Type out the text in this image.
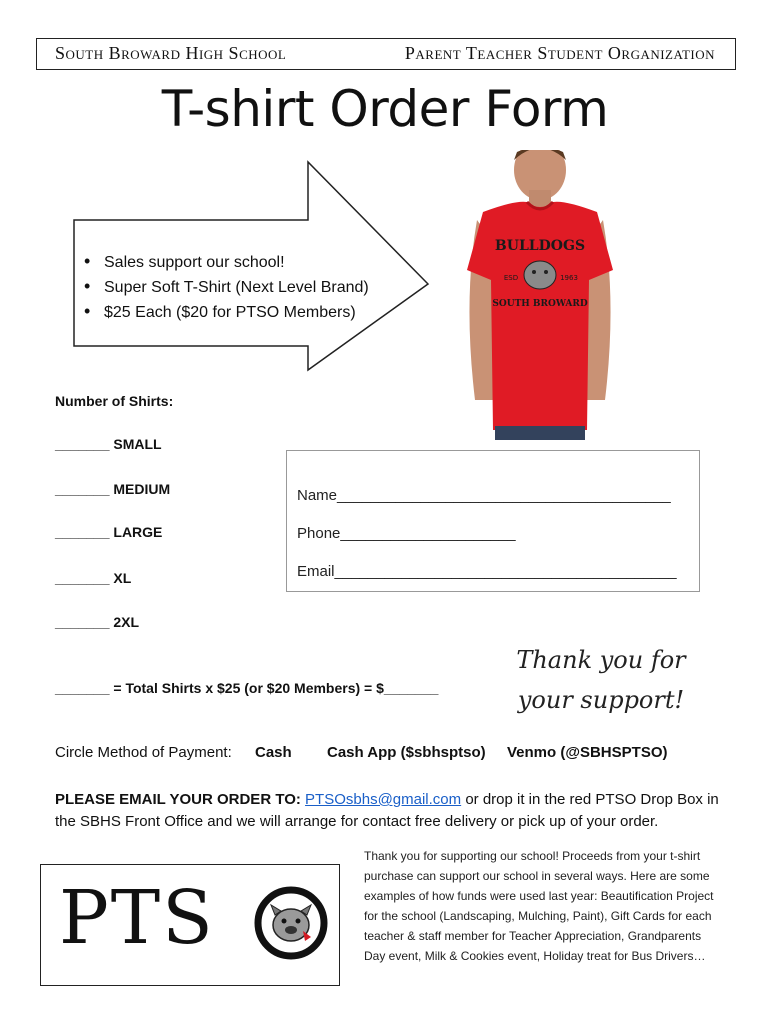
South Broward High School	Parent Teacher Student Organization
T-shirt Order Form
• Sales support our school!
• Super Soft T-Shirt (Next Level Brand)
• $25 Each ($20 for PTSO Members)
BULLDOGS
ESD	1963
SOUTH BROWARD
Number of Shirts:
_______ SMALL
_______ MEDIUM
_______ LARGE
_______ XL
_______ 2XL
Name________________________________________
Phone_____________________
Email_________________________________________
_______ = Total Shirts x $25 (or $20 Members) = $_______
Thank you for
your support!
Circle Method of Payment: Cash Cash App ($sbhsptso) Venmo (@SBHSPTSO)
PLEASE EMAIL YOUR ORDER TO: PTSOsbhs@gmail.com or drop it in the red PTSO Drop Box in the SBHS Front Office and we will arrange for contact free delivery or pick up of your order.
PTS
Thank you for supporting our school! Proceeds from your t-shirt purchase can support our school in several ways. Here are some examples of how funds were used last year: Beautification Project for the school (Landscaping, Mulching, Paint), Gift Cards for each teacher & staff member for Teacher Appreciation, Grandparents Day event, Milk & Cookies event, Holiday treat for Bus Drivers…
